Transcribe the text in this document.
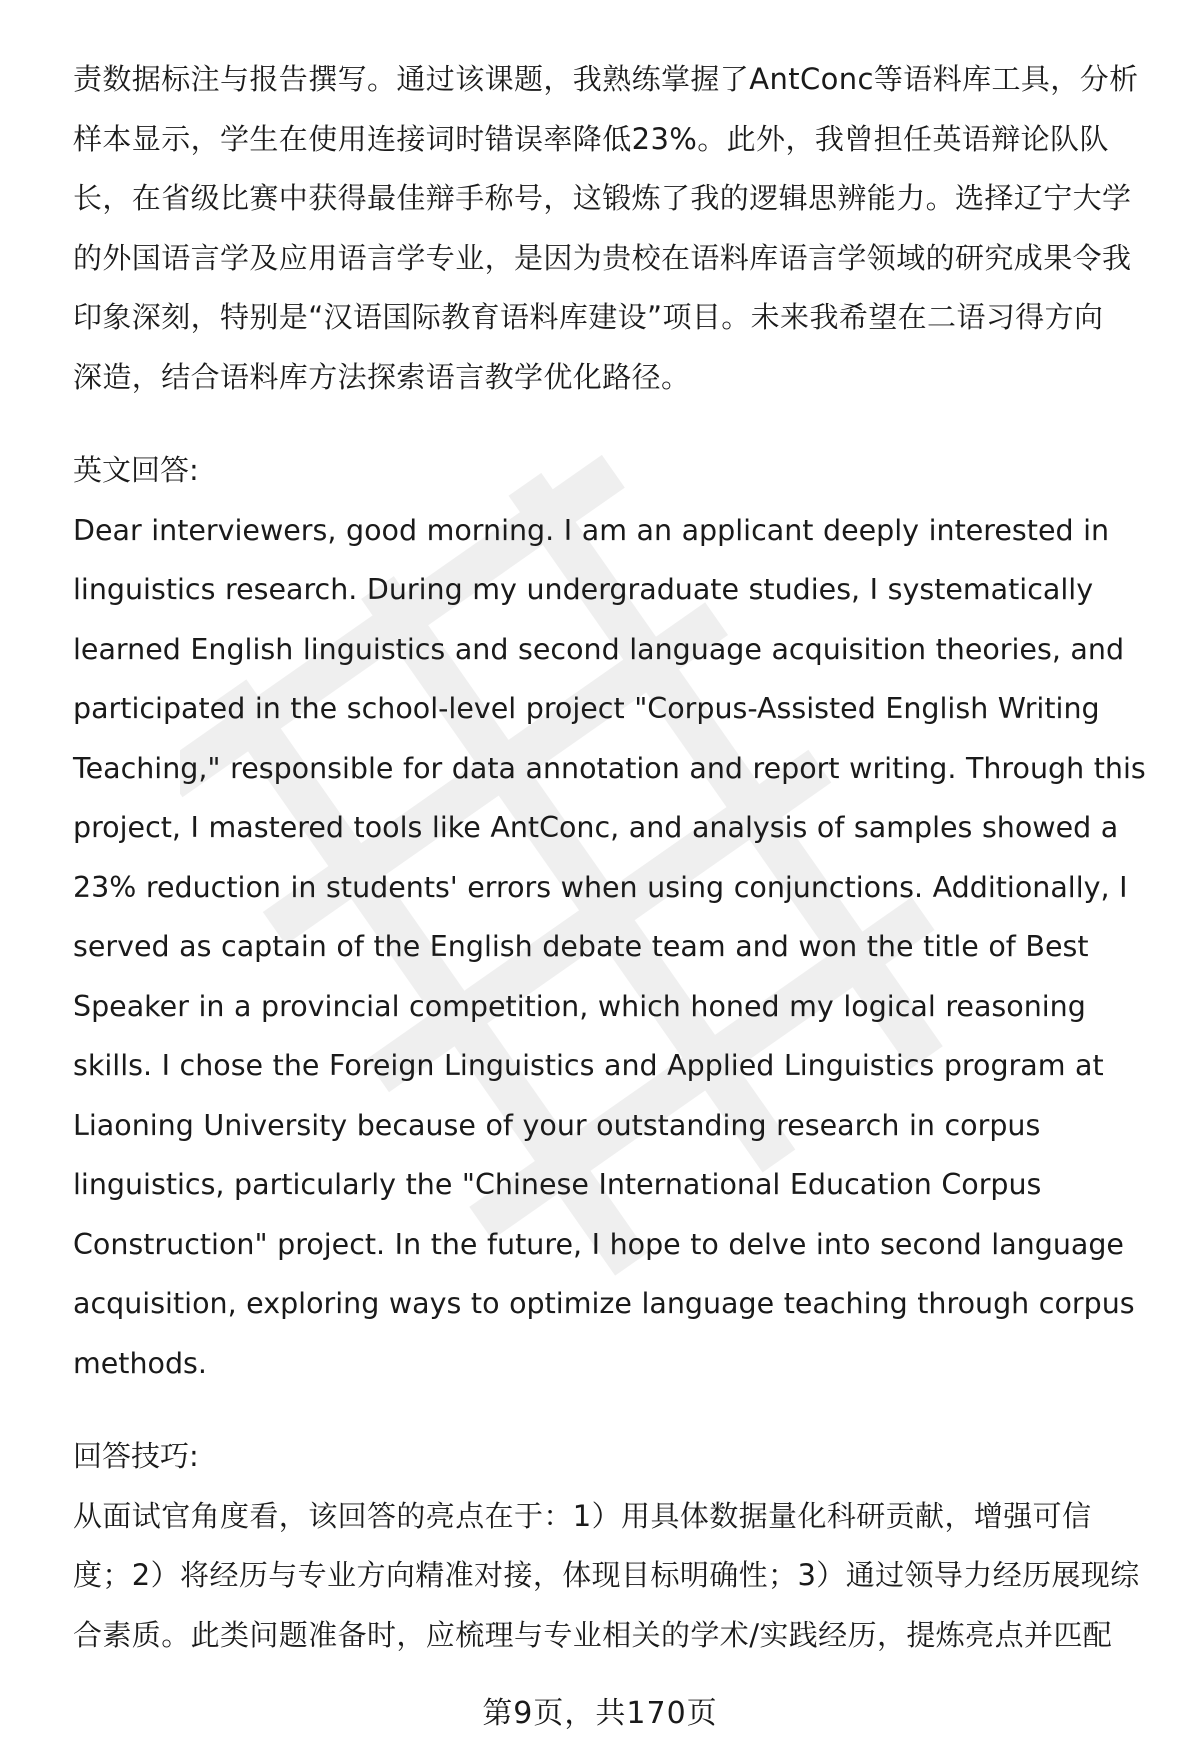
责数据标注与报告撰写。通过该课题，我熟练掌握了AntConc等语料库工具，分析
样本显示，学生在使用连接词时错误率降低23%。此外，我曾担任英语辩论队队
长，在省级比赛中获得最佳辩手称号，这锻炼了我的逻辑思辨能力。选择辽宁大学
的外国语言学及应用语言学专业，是因为贵校在语料库语言学领域的研究成果令我
印象深刻，特别是“汉语国际教育语料库建设”项目。未来我希望在二语习得方向
深造，结合语料库方法探索语言教学优化路径。

英文回答:

Dear interviewers, good morning. I am an applicant deeply interested in
linguistics research. During my undergraduate studies, I systematically
learned English linguistics and second language acquisition theories, and
participated in the school-level project "Corpus-Assisted English Writing
Teaching," responsible for data annotation and report writing. Through this
project, I mastered tools like AntConc, and analysis of samples showed a
23% reduction in students' errors when using conjunctions. Additionally, I
served as captain of the English debate team and won the title of Best
Speaker in a provincial competition, which honed my logical reasoning
skills. I chose the Foreign Linguistics and Applied Linguistics program at
Liaoning University because of your outstanding research in corpus
linguistics, particularly the "Chinese International Education Corpus
Construction" project. In the future, I hope to delve into second language
acquisition, exploring ways to optimize language teaching through corpus
methods.

回答技巧:

从面试官角度看，该回答的亮点在于：1）用具体数据量化科研贡献，增强可信
度；2）将经历与专业方向精准对接，体现目标明确性；3）通过领导力经历展现综
合素质。此类问题准备时，应梳理与专业相关的学术/实践经历，提炼亮点并匹配

第9页，共170页
